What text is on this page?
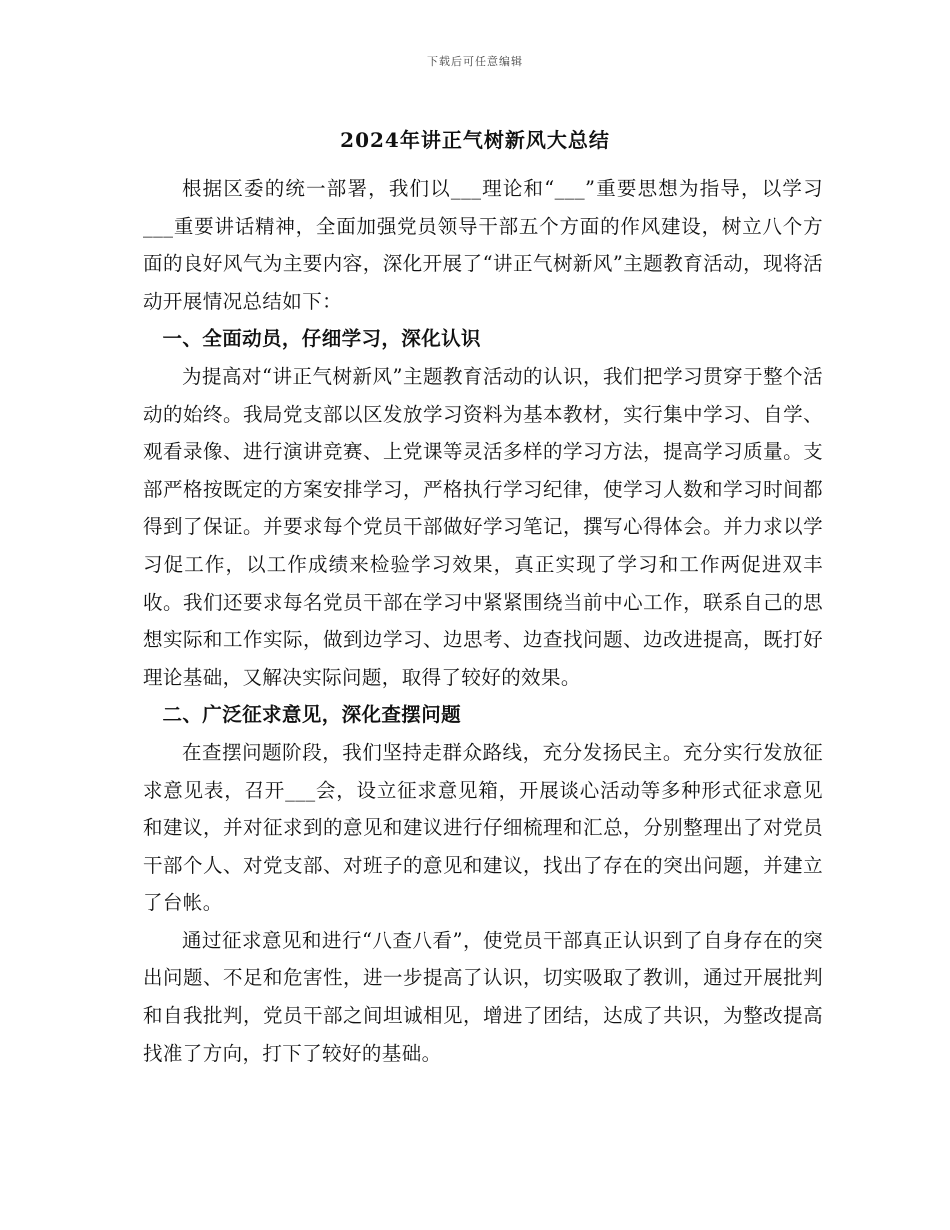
下载后可任意编辑
2024年讲正气树新风大总结

根据区委的统一部署，我们以___理论和“___”重要思想为指导，以学习___重要讲话精神，全面加强党员领导干部五个方面的作风建设，树立八个方面的良好风气为主要内容，深化开展了“讲正气树新风”主题教育活动，现将活动开展情况总结如下：

一、全面动员，仔细学习，深化认识

为提高对“讲正气树新风”主题教育活动的认识，我们把学习贯穿于整个活动的始终。我局党支部以区发放学习资料为基本教材，实行集中学习、自学、观看录像、进行演讲竞赛、上党课等灵活多样的学习方法，提高学习质量。支部严格按既定的方案安排学习，严格执行学习纪律，使学习人数和学习时间都得到了保证。并要求每个党员干部做好学习笔记，撰写心得体会。并力求以学习促工作，以工作成绩来检验学习效果，真正实现了学习和工作两促进双丰收。我们还要求每名党员干部在学习中紧紧围绕当前中心工作，联系自己的思想实际和工作实际，做到边学习、边思考、边查找问题、边改进提高，既打好理论基础，又解决实际问题，取得了较好的效果。

二、广泛征求意见，深化查摆问题

在查摆问题阶段，我们坚持走群众路线，充分发扬民主。充分实行发放征求意见表，召开___会，设立征求意见箱，开展谈心活动等多种形式征求意见和建议，并对征求到的意见和建议进行仔细梳理和汇总，分别整理出了对党员干部个人、对党支部、对班子的意见和建议，找出了存在的突出问题，并建立了台帐。

通过征求意见和进行“八查八看”，使党员干部真正认识到了自身存在的突出问题、不足和危害性，进一步提高了认识，切实吸取了教训，通过开展批判和自我批判，党员干部之间坦诚相见，增进了团结，达成了共识，为整改提高找准了方向，打下了较好的基础。
